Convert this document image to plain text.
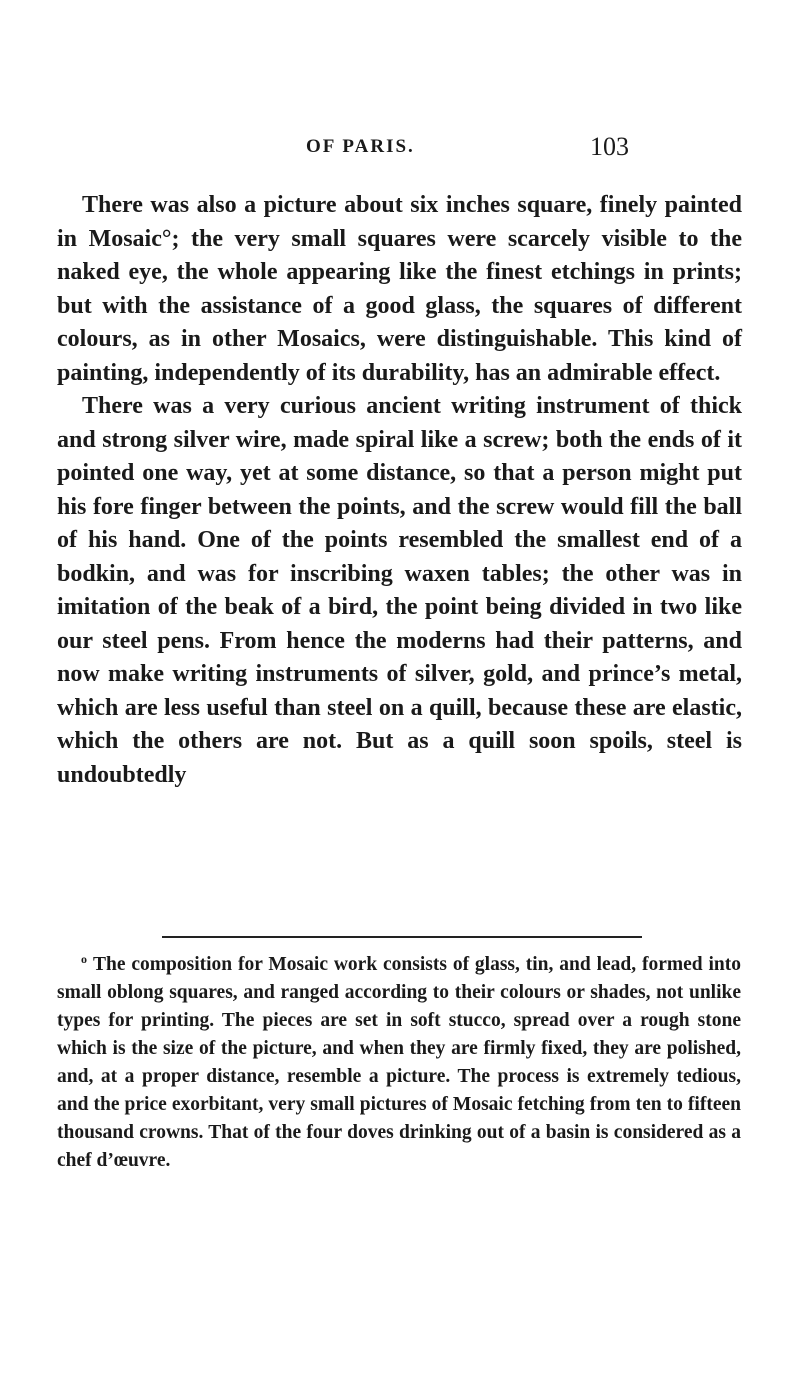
OF PARIS.	103

There was also a picture about six inches square, finely painted in Mosaic°; the very small squares were scarcely visible to the naked eye, the whole appearing like the finest etchings in prints; but with the assistance of a good glass, the squares of different colours, as in other Mosaics, were distinguishable. This kind of painting, independently of its durability, has an admirable effect.

There was a very curious ancient writing instrument of thick and strong silver wire, made spiral like a screw; both the ends of it pointed one way, yet at some distance, so that a person might put his fore finger between the points, and the screw would fill the ball of his hand. One of the points resembled the smallest end of a bodkin, and was for inscribing waxen tables; the other was in imitation of the beak of a bird, the point being divided in two like our steel pens. From hence the moderns had their patterns, and now make writing instruments of silver, gold, and prince’s metal, which are less useful than steel on a quill, because these are elastic, which the others are not. But as a quill soon spoils, steel is undoubtedly

$^o$ The composition for Mosaic work consists of glass, tin, and lead, formed into small oblong squares, and ranged according to their colours or shades, not unlike types for printing. The pieces are set in soft stucco, spread over a rough stone which is the size of the picture, and when they are firmly fixed, they are polished, and, at a proper distance, resemble a picture. The process is extremely tedious, and the price exorbitant, very small pictures of Mosaic fetching from ten to fifteen thousand crowns. That of the four doves drinking out of a basin is considered as a chef d’œuvre.
